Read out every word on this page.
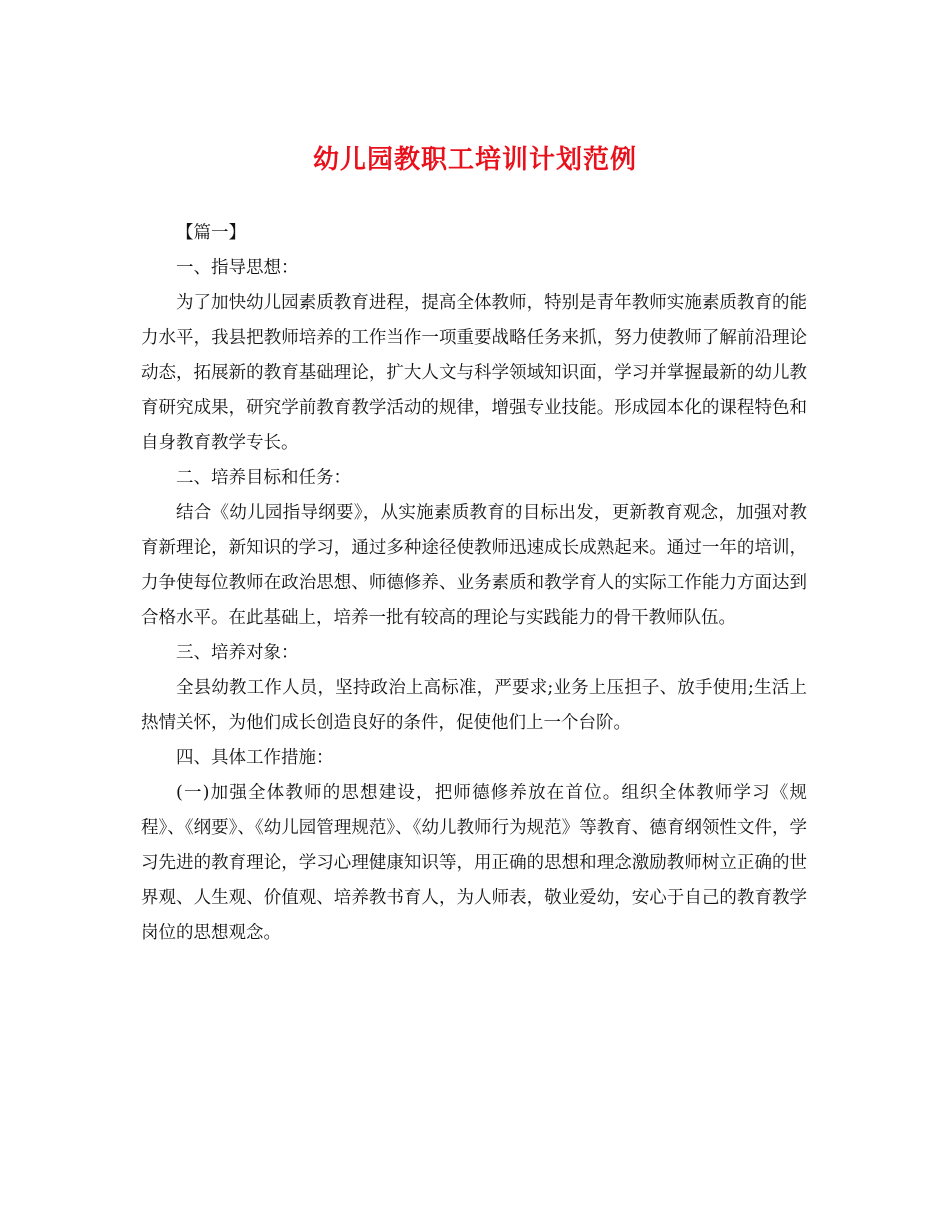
幼儿园教职工培训计划范例

【篇一】

一、指导思想：

为了加快幼儿园素质教育进程，提高全体教师，特别是青年教师实施素质教育的能力水平，我县把教师培养的工作当作一项重要战略任务来抓，努力使教师了解前沿理论动态，拓展新的教育基础理论，扩大人文与科学领域知识面，学习并掌握最新的幼儿教育研究成果，研究学前教育教学活动的规律，增强专业技能。形成园本化的课程特色和自身教育教学专长。

二、培养目标和任务：

结合《幼儿园指导纲要》，从实施素质教育的目标出发，更新教育观念，加强对教育新理论，新知识的学习，通过多种途径使教师迅速成长成熟起来。通过一年的培训，力争使每位教师在政治思想、师德修养、业务素质和教学育人的实际工作能力方面达到合格水平。在此基础上，培养一批有较高的理论与实践能力的骨干教师队伍。

三、培养对象：

全县幼教工作人员，坚持政治上高标准，严要求;业务上压担子、放手使用;生活上热情关怀，为他们成长创造良好的条件，促使他们上一个台阶。

四、具体工作措施：

(一)加强全体教师的思想建设，把师德修养放在首位。组织全体教师学习《规程》、《纲要》、《幼儿园管理规范》、《幼儿教师行为规范》等教育、德育纲领性文件，学习先进的教育理论，学习心理健康知识等，用正确的思想和理念激励教师树立正确的世界观、人生观、价值观、培养教书育人，为人师表，敬业爱幼，安心于自己的教育教学岗位的思想观念。
